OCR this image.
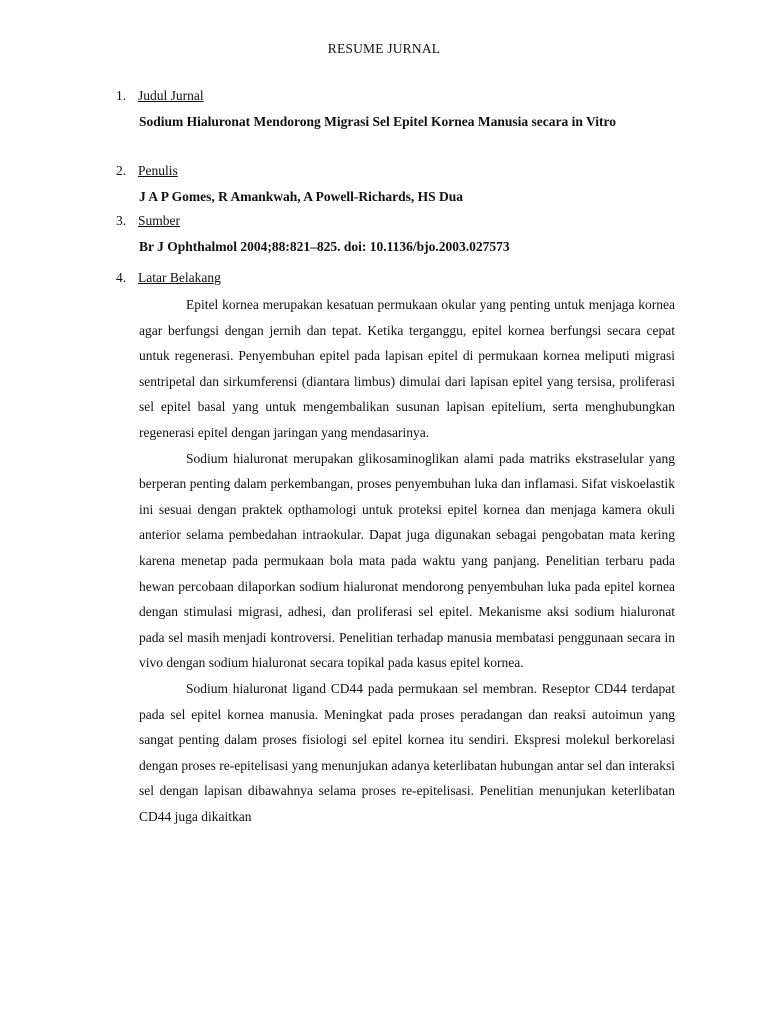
RESUME JURNAL
1. Judul Jurnal
Sodium Hialuronat Mendorong Migrasi Sel Epitel Kornea Manusia secara in Vitro
2. Penulis
J A P Gomes, R Amankwah, A Powell-Richards, HS Dua
3. Sumber
Br J Ophthalmol 2004;88:821–825. doi: 10.1136/bjo.2003.027573
4. Latar Belakang

Epitel kornea merupakan kesatuan permukaan okular yang penting untuk menjaga kornea agar berfungsi dengan jernih dan tepat. Ketika terganggu, epitel kornea berfungsi secara cepat untuk regenerasi. Penyembuhan epitel pada lapisan epitel di permukaan kornea meliputi migrasi sentripetal dan sirkumferensi (diantara limbus) dimulai dari lapisan epitel yang tersisa, proliferasi sel epitel basal yang untuk mengembalikan susunan lapisan epitelium, serta menghubungkan regenerasi epitel dengan jaringan yang mendasarinya.

Sodium hialuronat merupakan glikosaminoglikan alami pada matriks ekstraselular yang berperan penting dalam perkembangan, proses penyembuhan luka dan inflamasi. Sifat viskoelastik ini sesuai dengan praktek opthamologi untuk proteksi epitel kornea dan menjaga kamera okuli anterior selama pembedahan intraokular. Dapat juga digunakan sebagai pengobatan mata kering karena menetap pada permukaan bola mata pada waktu yang panjang. Penelitian terbaru pada hewan percobaan dilaporkan sodium hialuronat mendorong penyembuhan luka pada epitel kornea dengan stimulasi migrasi, adhesi, dan proliferasi sel epitel. Mekanisme aksi sodium hialuronat pada sel masih menjadi kontroversi. Penelitian terhadap manusia membatasi penggunaan secara in vivo dengan sodium hialuronat secara topikal pada kasus epitel kornea.

Sodium hialuronat ligand CD44 pada permukaan sel membran. Reseptor CD44 terdapat pada sel epitel kornea manusia. Meningkat pada proses peradangan dan reaksi autoimun yang sangat penting dalam proses fisiologi sel epitel kornea itu sendiri. Ekspresi molekul berkorelasi dengan proses re-epitelisasi yang menunjukan adanya keterlibatan hubungan antar sel dan interaksi sel dengan lapisan dibawahnya selama proses re-epitelisasi. Penelitian menunjukan keterlibatan CD44 juga dikaitkan
